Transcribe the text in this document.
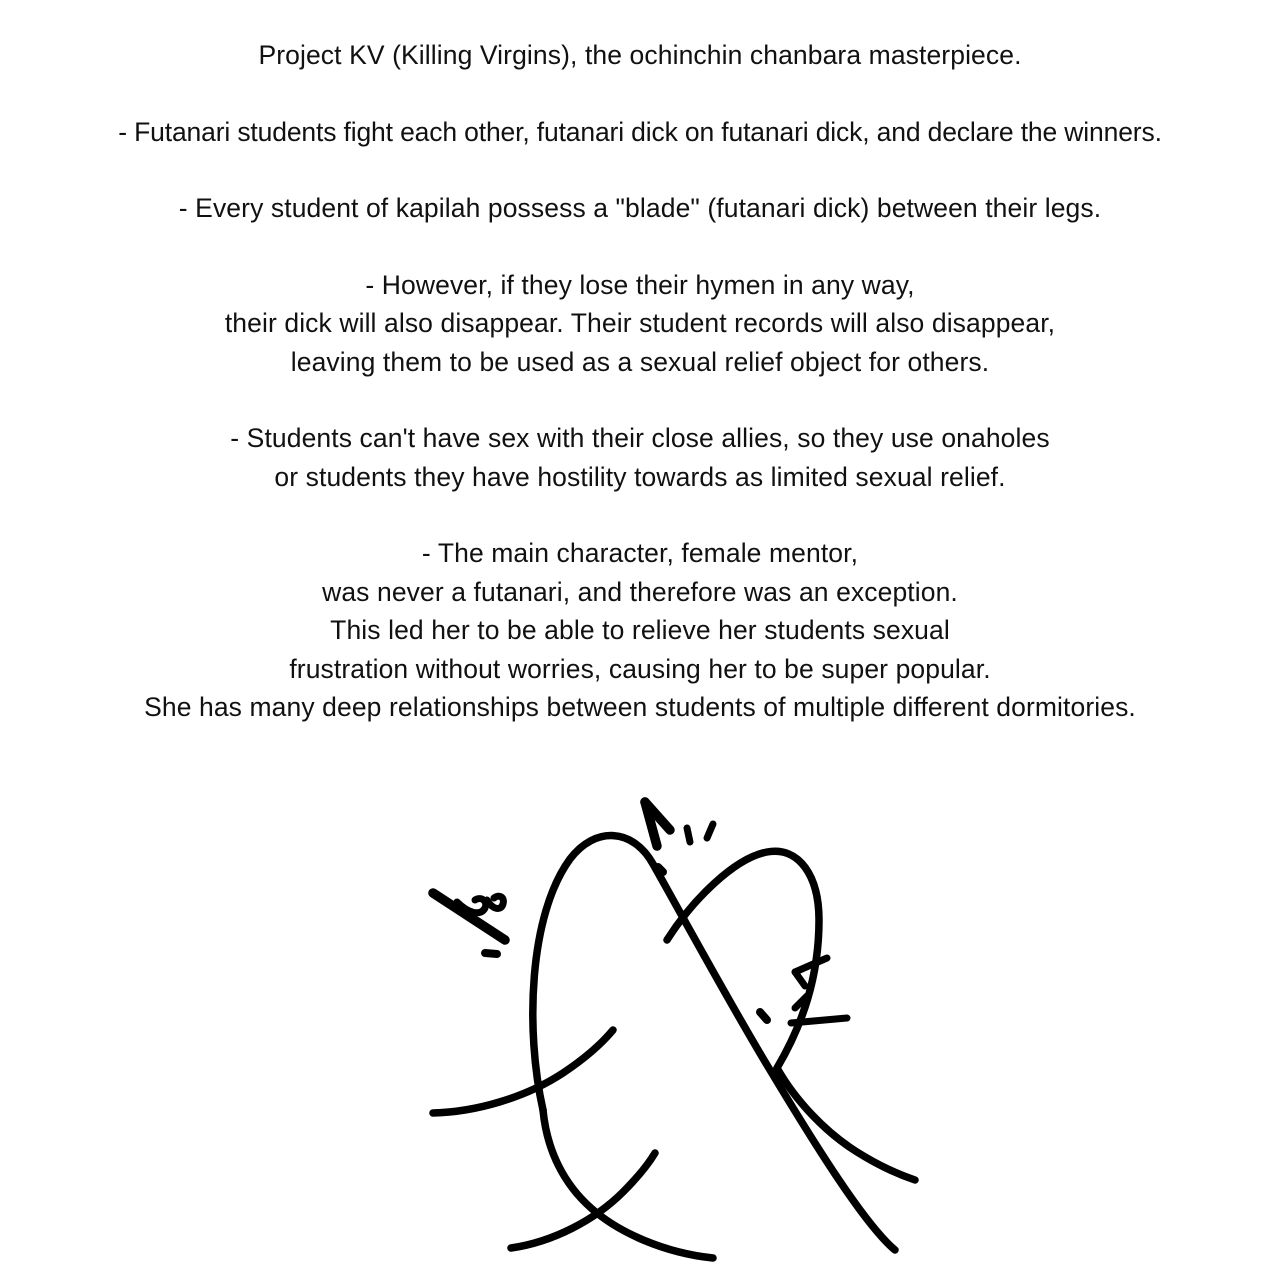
Project KV (Killing Virgins), the ochinchin chanbara masterpiece.
- Futanari students fight each other, futanari dick on futanari dick, and declare the winners.
- Every student of kapilah possess a "blade" (futanari dick) between their legs.
- However, if they lose their hymen in any way,
their dick will also disappear. Their student records will also disappear,
leaving them to be used as a sexual relief object for others.
- Students can't have sex with their close allies, so they use onaholes
or students they have hostility towards as limited sexual relief.
- The main character, female mentor,
was never a futanari, and therefore was an exception.
This led her to be able to relieve her students sexual
frustration without worries, causing her to be super popular.
She has many deep relationships between students of multiple different dormitories.
